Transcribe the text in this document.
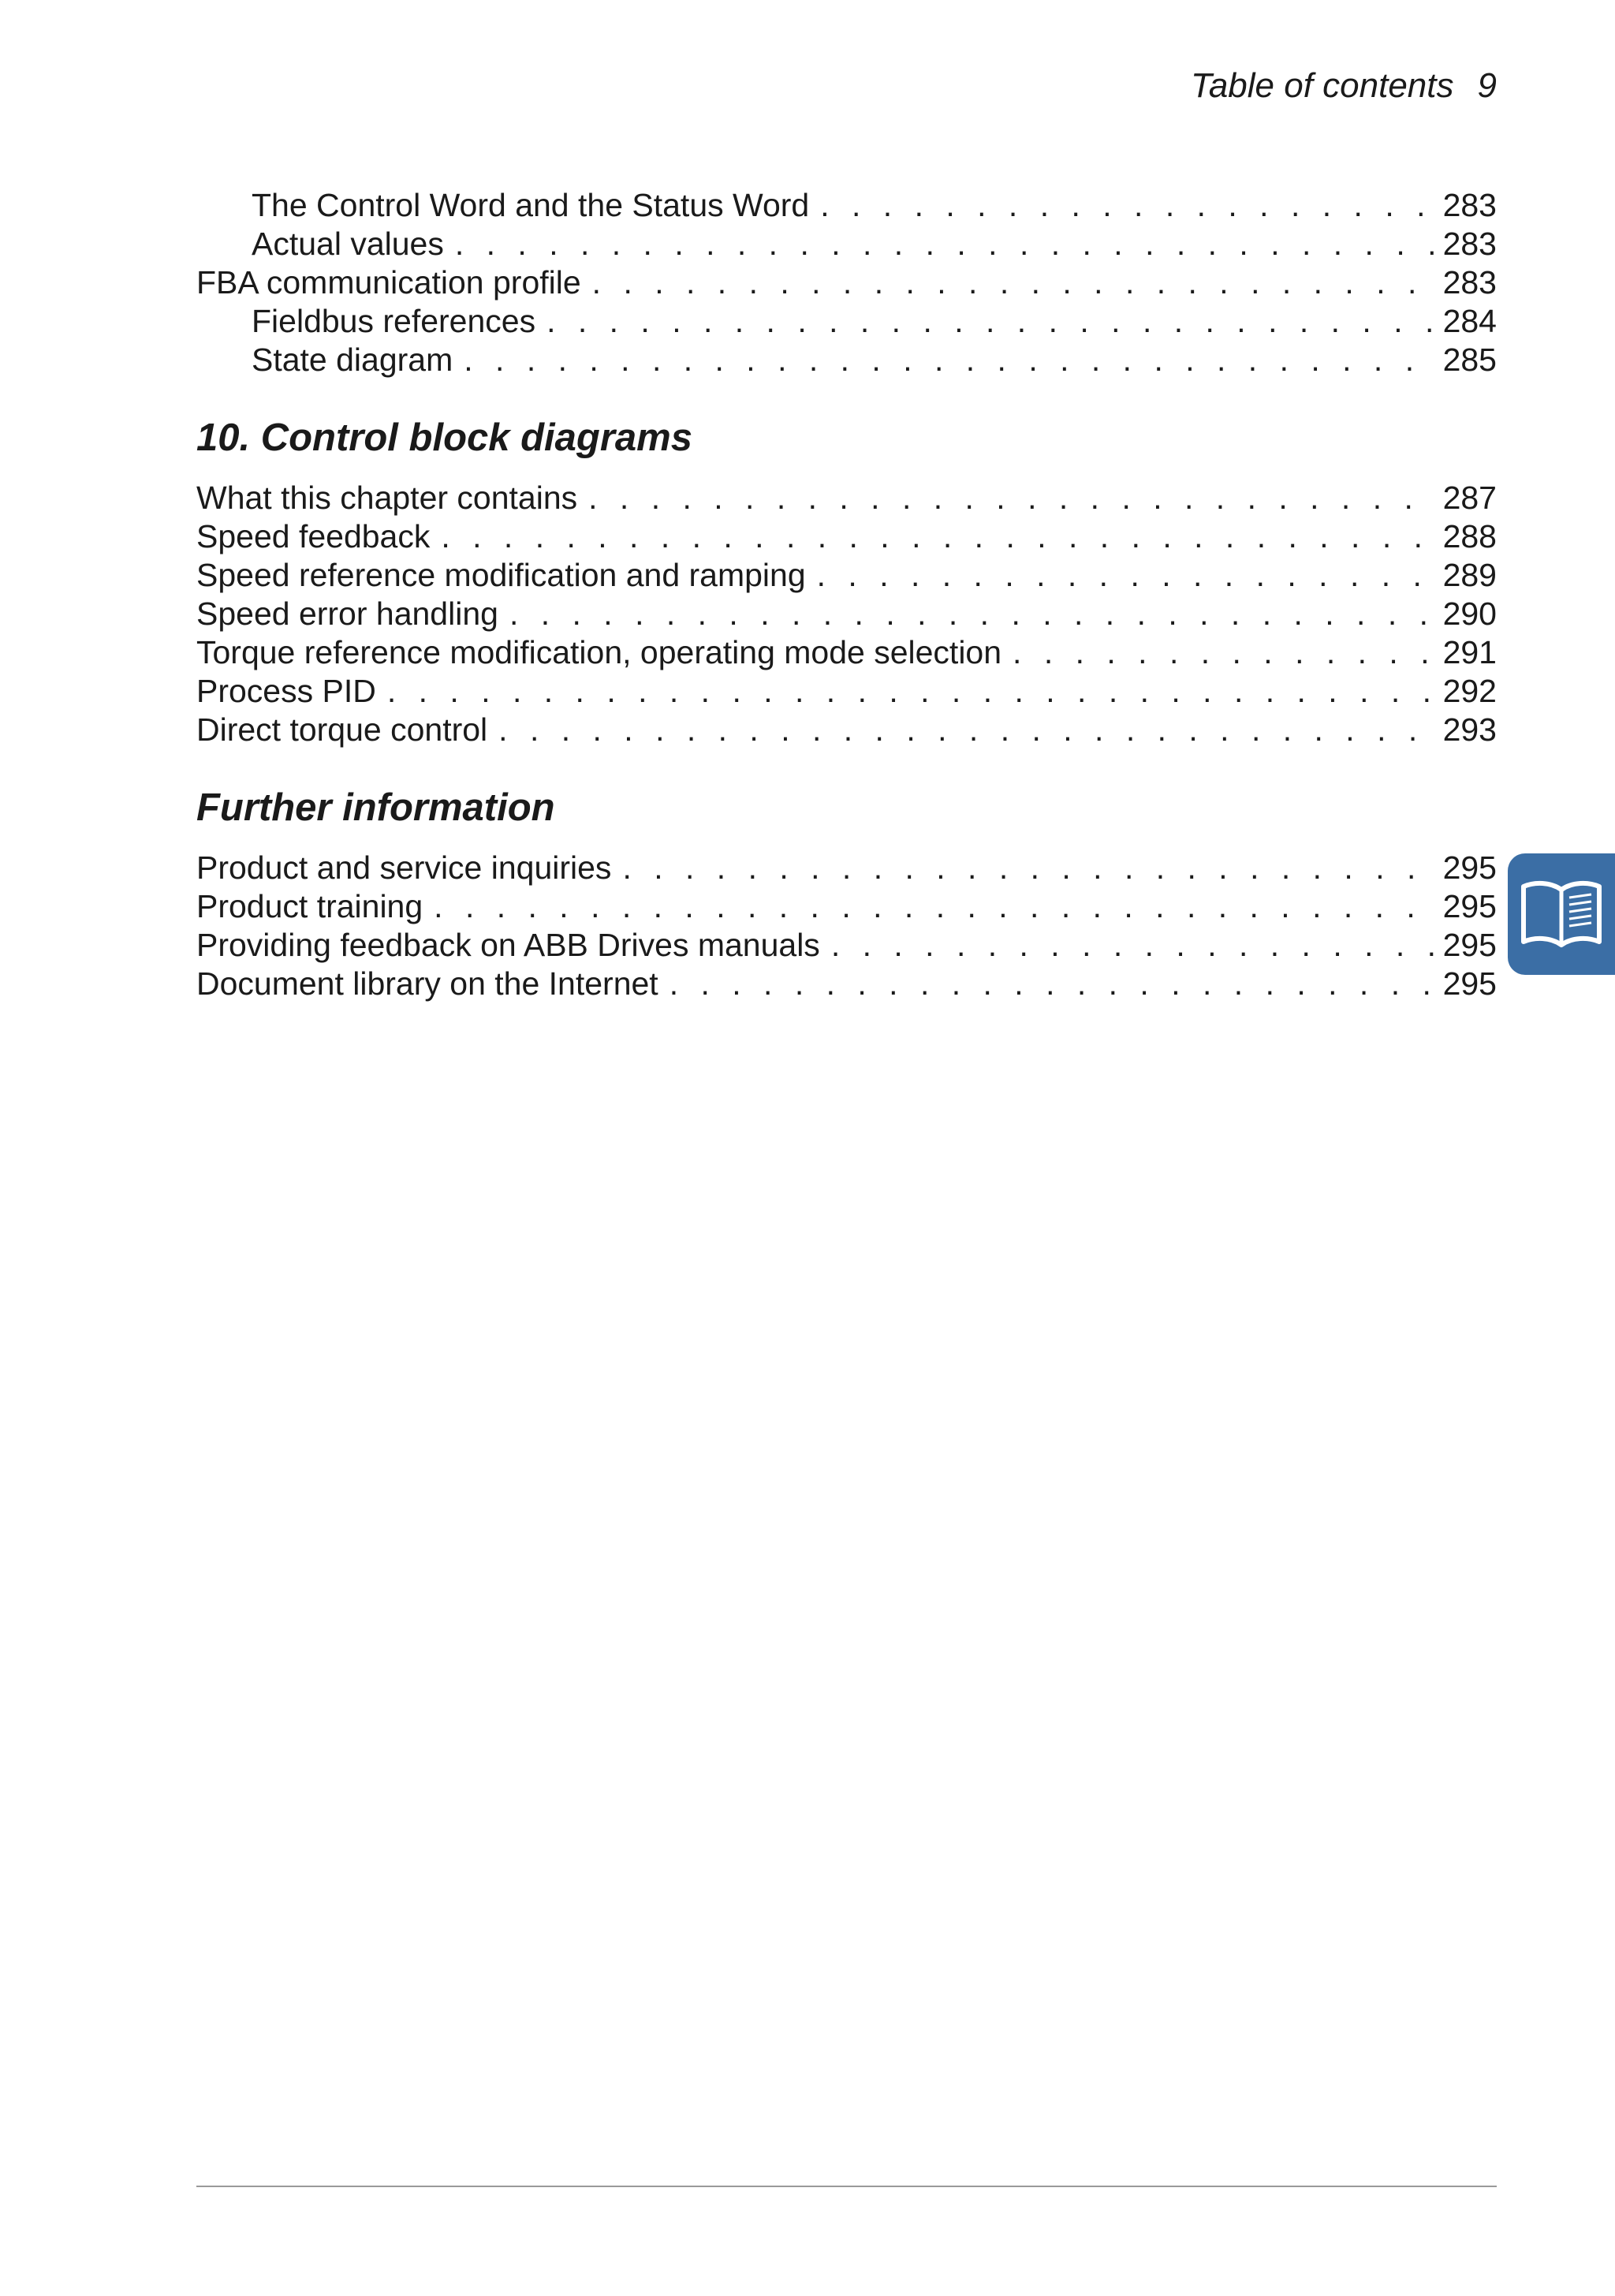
Table of contents 9
The Control Word and the Status Word . . .	283
Actual values . . .	283
FBA communication profile . . .	283
Fieldbus references . . .	284
State diagram . . .	285
10. Control block diagrams
What this chapter contains . . .	287
Speed feedback . . .	288
Speed reference modification and ramping . . .	289
Speed error handling . . .	290
Torque reference modification, operating mode selection . . .	291
Process PID . . .	292
Direct torque control . . .	293
Further information
Product and service inquiries . . .	295
Product training . . .	295
Providing feedback on ABB Drives manuals . . .	295
Document library on the Internet . . .	295
